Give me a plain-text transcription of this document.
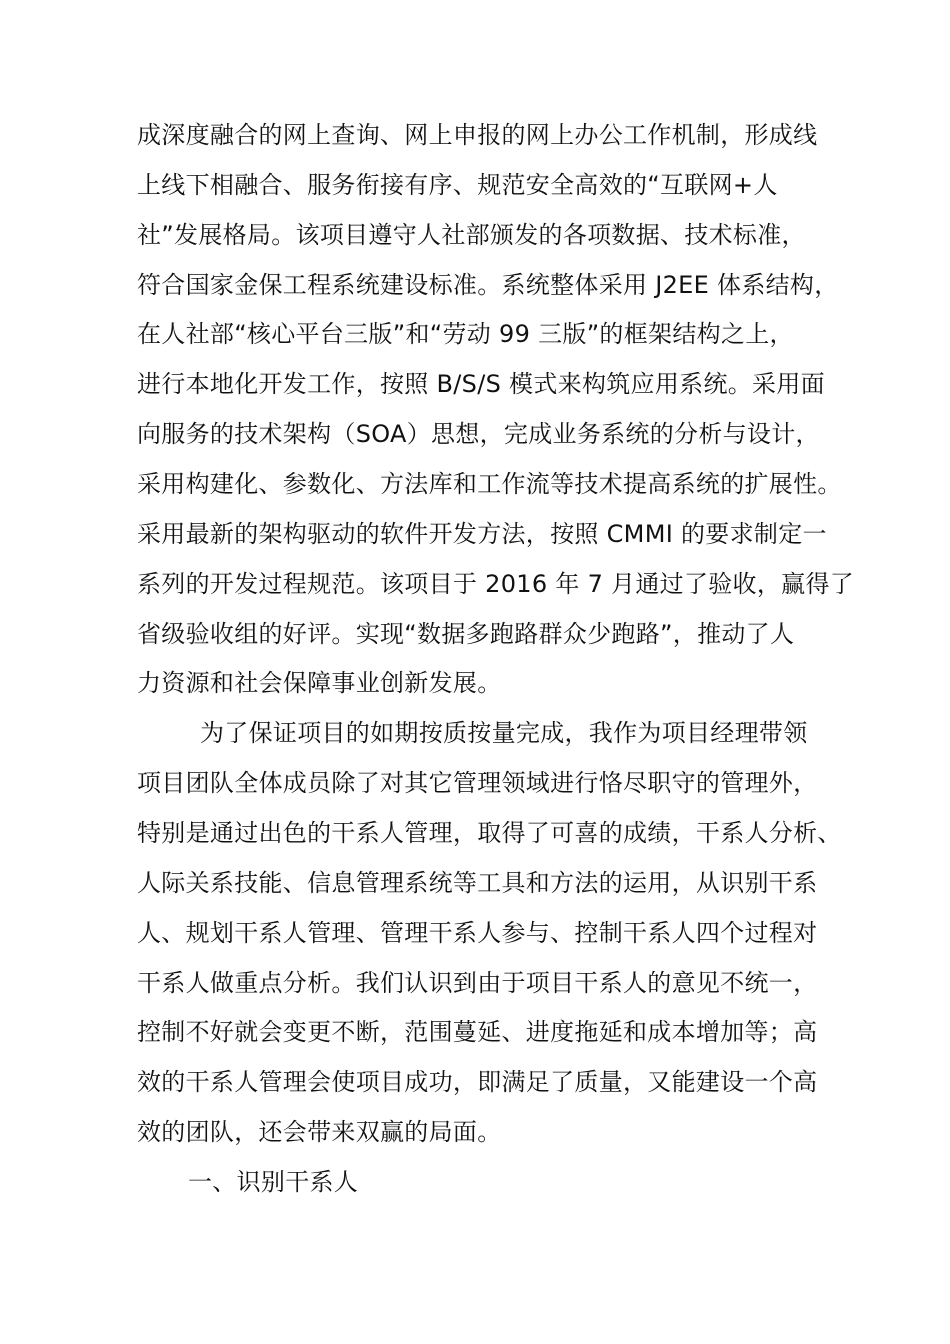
成深度融合的网上查询、网上申报的网上办公工作机制，形成线
上线下相融合、服务衔接有序、规范安全高效的“互联网+人
社”发展格局。该项目遵守人社部颁发的各项数据、技术标准，
符合国家金保工程系统建设标准。系统整体采用 J2EE 体系结构，
在人社部“核心平台三版”和“劳动 99 三版”的框架结构之上，
进行本地化开发工作，按照 B/S/S 模式来构筑应用系统。采用面
向服务的技术架构（SOA）思想，完成业务系统的分析与设计，
采用构建化、参数化、方法库和工作流等技术提高系统的扩展性。
采用最新的架构驱动的软件开发方法，按照 CMMI 的要求制定一
系列的开发过程规范。该项目于 2016 年 7 月通过了验收，赢得了
省级验收组的好评。实现“数据多跑路群众少跑路”，推动了人
力资源和社会保障事业创新发展。
为了保证项目的如期按质按量完成，我作为项目经理带领
项目团队全体成员除了对其它管理领域进行恪尽职守的管理外，
特别是通过出色的干系人管理，取得了可喜的成绩，干系人分析、
人际关系技能、信息管理系统等工具和方法的运用，从识别干系
人、规划干系人管理、管理干系人参与、控制干系人四个过程对
干系人做重点分析。我们认识到由于项目干系人的意见不统一，
控制不好就会变更不断，范围蔓延、进度拖延和成本增加等；高
效的干系人管理会使项目成功，即满足了质量，又能建设一个高
效的团队，还会带来双赢的局面。
一、识别干系人
